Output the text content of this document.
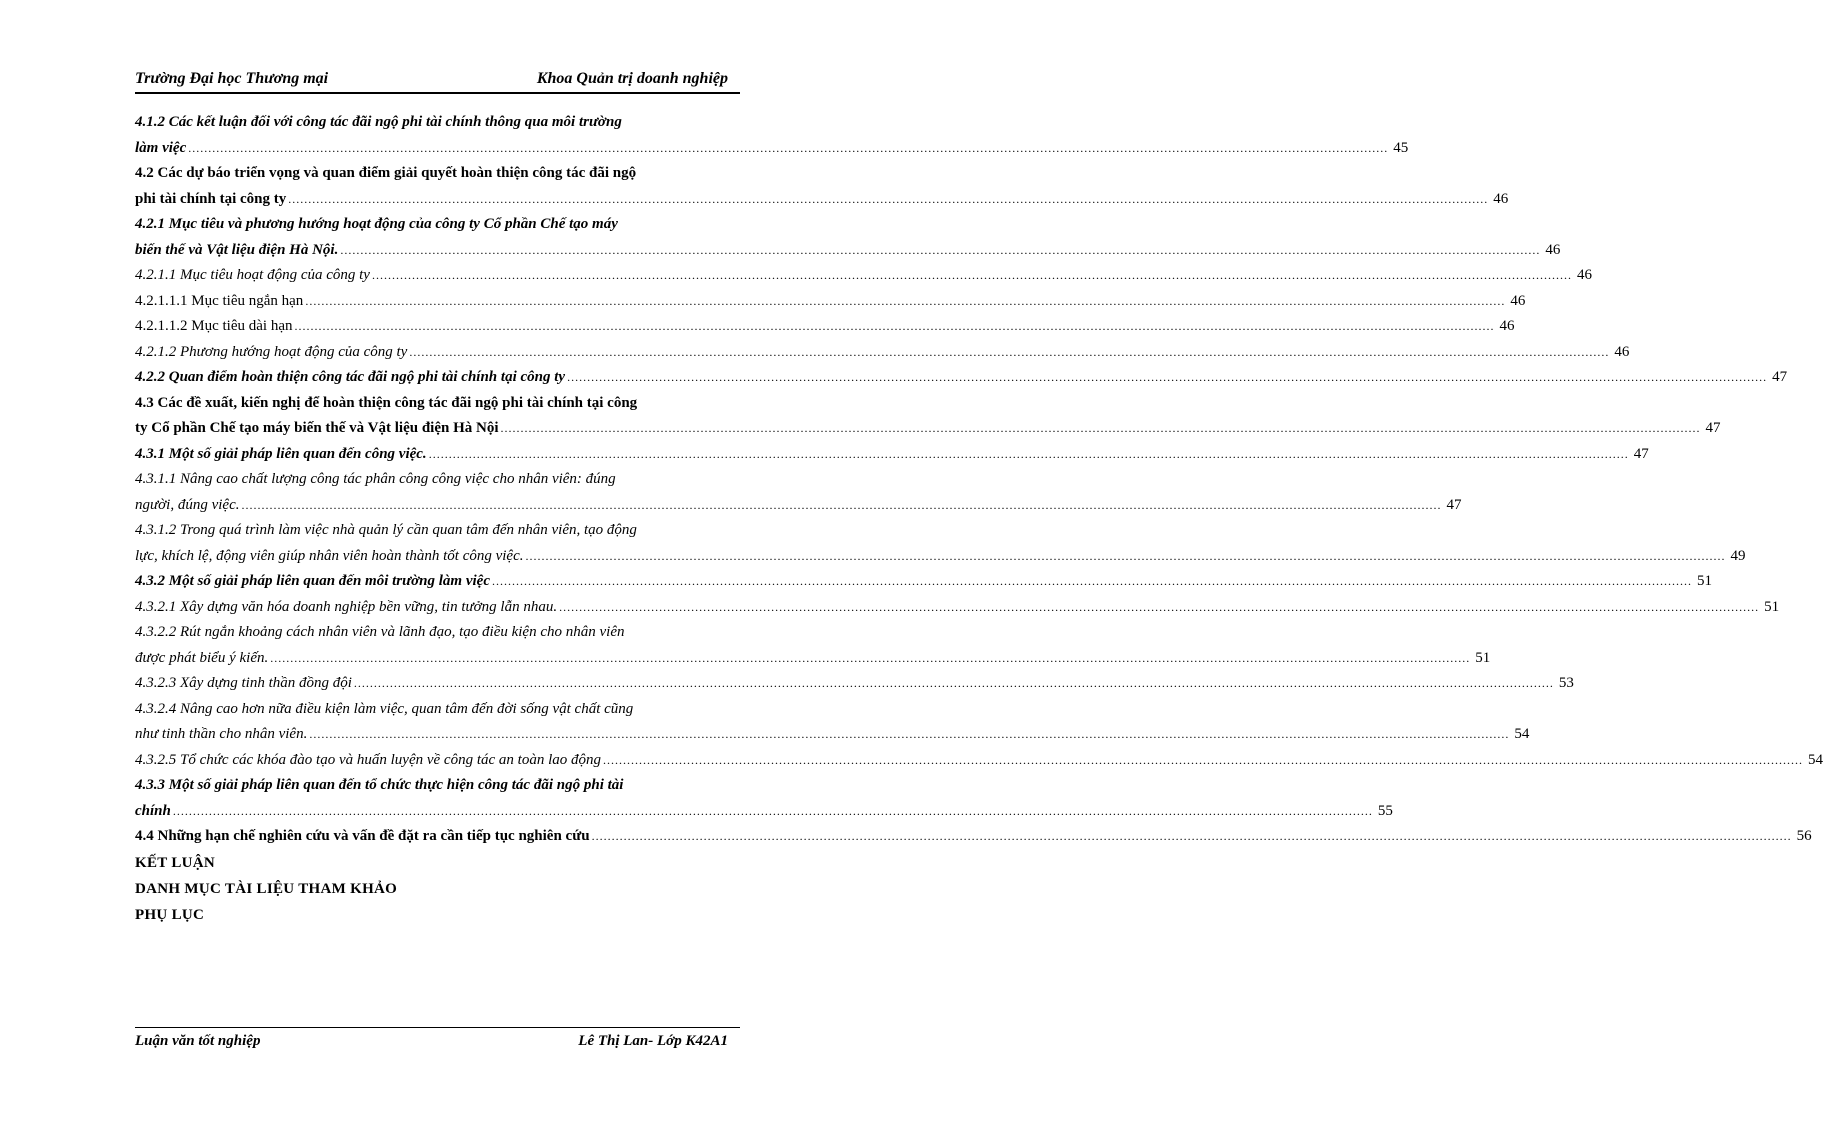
Trường Đại học Thương mại	Khoa Quản trị doanh nghiệp
4.1.2 Các kết luận đối với công tác đãi ngộ phi tài chính thông qua môi trường
làm việc ............................................................................................................................................................................................................................................................................................................ 45
4.2 Các dự báo triển vọng và quan điểm giải quyết hoàn thiện công tác đãi ngộ
phi tài chính tại công ty ............................................................................................................................................................................................................................................................................................................ 46
4.2.1 Mục tiêu và phương hướng hoạt động của công ty Cổ phần Chế tạo máy
biến thế và Vật liệu điện Hà Nội. ............................................................................................................................................................................................................................................................................................................ 46
4.2.1.1 Mục tiêu hoạt động của công ty ............................................................................................................................................................................................................................................................................................................ 46
4.2.1.1.1 Mục tiêu ngắn hạn ............................................................................................................................................................................................................................................................................................................ 46
4.2.1.1.2 Mục tiêu dài hạn ............................................................................................................................................................................................................................................................................................................ 46
4.2.1.2 Phương hướng hoạt động của công ty ............................................................................................................................................................................................................................................................................................................ 46
4.2.2 Quan điểm hoàn thiện công tác đãi ngộ phi tài chính tại công ty ............................................................................................................................................................................................................................................................................................................ 47
4.3 Các đề xuất, kiến nghị để hoàn thiện công tác đãi ngộ phi tài chính tại công
ty Cổ phần Chế tạo máy biến thế và Vật liệu điện Hà Nội ............................................................................................................................................................................................................................................................................................................ 47
4.3.1 Một số giải pháp liên quan đến công việc. ............................................................................................................................................................................................................................................................................................................ 47
4.3.1.1 Nâng cao chất lượng công tác phân công công việc cho nhân viên: đúng
người, đúng việc. ............................................................................................................................................................................................................................................................................................................ 47
4.3.1.2 Trong quá trình làm việc nhà quản lý cần quan tâm đến nhân viên, tạo động
lực, khích lệ, động viên giúp nhân viên hoàn thành tốt công việc. ............................................................................................................................................................................................................................................................................................................ 49
4.3.2 Một số giải pháp liên quan đến môi trường làm việc ............................................................................................................................................................................................................................................................................................................ 51
4.3.2.1 Xây dựng văn hóa doanh nghiệp bền vững, tin tưởng lẫn nhau. ............................................................................................................................................................................................................................................................................................................ 51
4.3.2.2 Rút ngắn khoảng cách nhân viên và lãnh đạo, tạo điều kiện cho nhân viên
được phát biểu ý kiến. ............................................................................................................................................................................................................................................................................................................ 51
4.3.2.3 Xây dựng tinh thần đồng đội ............................................................................................................................................................................................................................................................................................................ 53
4.3.2.4 Nâng cao hơn nữa điều kiện làm việc, quan tâm đến đời sống vật chất cũng
như tinh thần cho nhân viên. ............................................................................................................................................................................................................................................................................................................ 54
4.3.2.5 Tổ chức các khóa đào tạo và huấn luyện về công tác an toàn lao động ............................................................................................................................................................................................................................................................................................................ 54
4.3.3 Một số giải pháp liên quan đến tổ chức thực hiện công tác đãi ngộ phi tài
chính ............................................................................................................................................................................................................................................................................................................ 55
4.4 Những hạn chế nghiên cứu và vấn đề đặt ra cần tiếp tục nghiên cứu ............................................................................................................................................................................................................................................................................................................ 56
KẾT LUẬN
DANH MỤC TÀI LIỆU THAM KHẢO
PHỤ LỤC
Luận văn tốt nghiệp	Lê Thị Lan- Lớp K42A1
